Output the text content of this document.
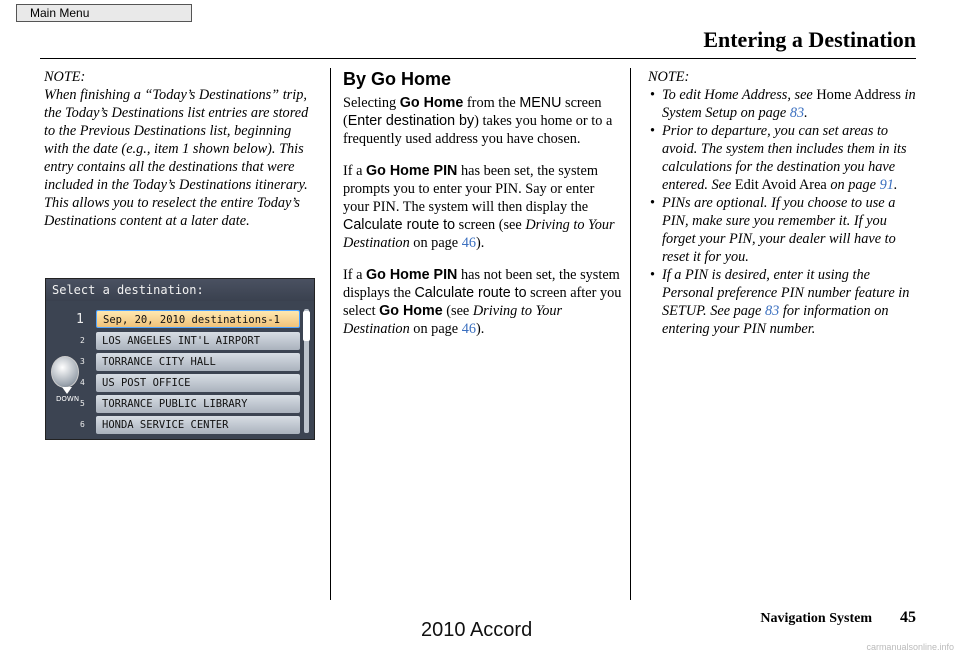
Main Menu
Entering a Destination

NOTE:

When finishing a “Today’s Destinations” trip, the Today’s Destinations list entries are stored to the Previous Destinations list, beginning with the date (e.g., item 1 shown below). This entry contains all the destinations that were included in the Today’s Destinations itinerary. This allows you to reselect the entire Today’s Destinations content at a later date.

Select a destination:
DOWN
1	Sep, 20, 2010 destinations-1
2	LOS ANGELES INT'L AIRPORT
3	TORRANCE CITY HALL
4	US POST OFFICE
5	TORRANCE PUBLIC LIBRARY
6	HONDA SERVICE CENTER
By Go Home

Selecting Go Home from the MENU screen (Enter destination by) takes you home or to a frequently used address you have chosen.

If a Go Home PIN has been set, the system prompts you to enter your PIN. Say or enter your PIN. The system will then display the Calculate route to screen (see Driving to Your Destination on page 46).

If a Go Home PIN has not been set, the system displays the Calculate route to screen after you select Go Home (see Driving to Your Destination on page 46).

NOTE:
• To edit Home Address, see Home Address in System Setup on page 83.
• Prior to departure, you can set areas to avoid. The system then includes them in its calculations for the destination you have entered. See Edit Avoid Area on page 91.
• PINs are optional. If you choose to use a PIN, make sure you remember it. If you forget your PIN, your dealer will have to reset it for you.
• If a PIN is desired, enter it using the Personal preference PIN number feature in SETUP. See page 83 for information on entering your PIN number.
Navigation System 45
2010 Accord
carmanualsonline.info
